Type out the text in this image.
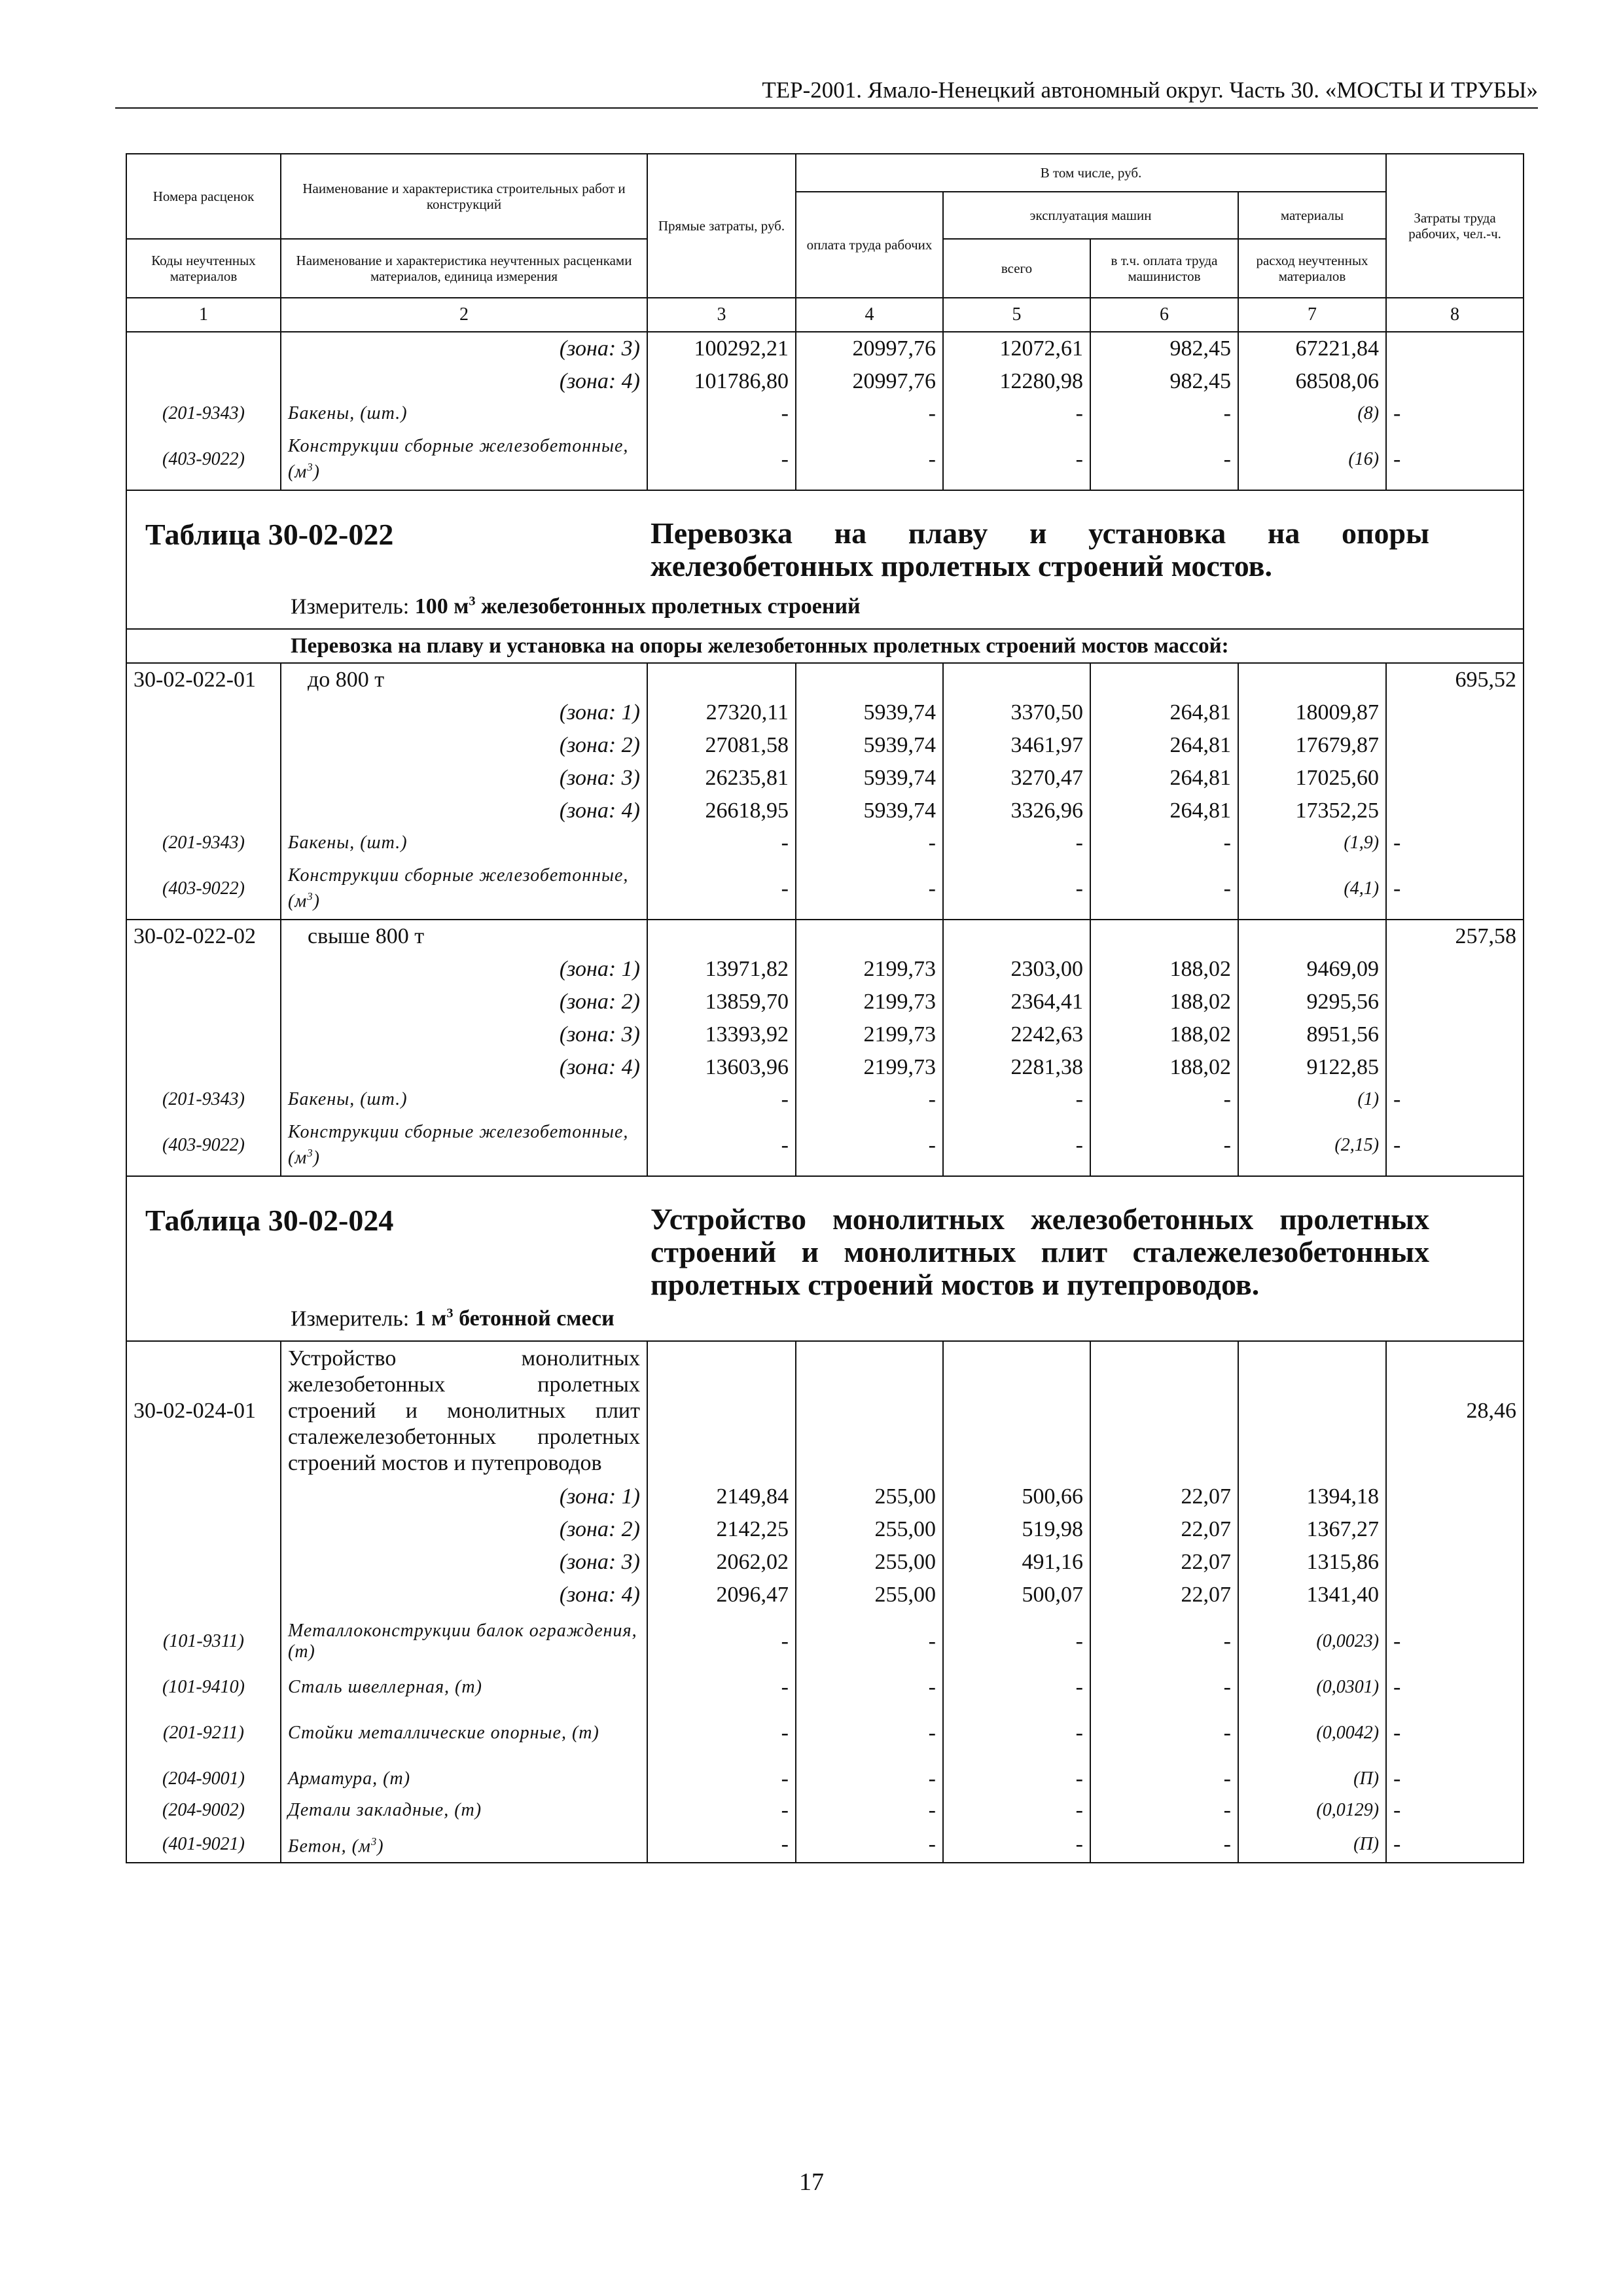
ТЕР-2001. Ямало-Ненецкий автономный округ. Часть 30. «МОСТЫ И ТРУБЫ»
Номера расценок	Наименование и характеристика строительных работ и конструкций	Прямые затраты, руб.	В том числе, руб.				Затраты труда рабочих, чел.-ч.
			оплата труда рабочих	эксплуатация машин		материалы	
Коды неучтенных материалов	Наименование и характеристика неучтенных расценками материалов, единица измерения			всего	в т.ч. оплата труда машинистов	расход неучтенных материалов	
1	2	3	4	5	6	7	8
	(зона: 3)	100292,21	20997,76	12072,61	982,45	67221,84	
	(зона: 4)	101786,80	20997,76	12280,98	982,45	68508,06	
(201-9343)	Бакены, (шт.)	-	-	-	-	(8)	-
(403-9022)	Конструкции сборные железобетонные, $(м^3)$	-	-	-	-	(16)	-

Таблица 30-02-022 Перевозка на плаву и установка на опоры железобетонных пролетных строений мостов.
Измеритель: 100 $м^3$ железобетонных пролетных строений							

Перевозка на плаву и установка на опоры железобетонных пролетных строений мостов массой:							
30-02-022-01	до 800 т						695,52
	(зона: 1)	27320,11	5939,74	3370,50	264,81	18009,87	
	(зона: 2)	27081,58	5939,74	3461,97	264,81	17679,87	
	(зона: 3)	26235,81	5939,74	3270,47	264,81	17025,60	
	(зона: 4)	26618,95	5939,74	3326,96	264,81	17352,25	
(201-9343)	Бакены, (шт.)	-	-	-	-	(1,9)	-
(403-9022)	Конструкции сборные железобетонные, $(м^3)$	-	-	-	-	(4,1)	-
30-02-022-02	свыше 800 т						257,58
	(зона: 1)	13971,82	2199,73	2303,00	188,02	9469,09	
	(зона: 2)	13859,70	2199,73	2364,41	188,02	9295,56	
	(зона: 3)	13393,92	2199,73	2242,63	188,02	8951,56	
	(зона: 4)	13603,96	2199,73	2281,38	188,02	9122,85	
(201-9343)	Бакены, (шт.)	-	-	-	-	(1)	-
(403-9022)	Конструкции сборные железобетонные, $(м^3)$	-	-	-	-	(2,15)	-

Таблица 30-02-024 Устройство монолитных железобетонных пролетных строений и монолитных плит сталежелезобетонных пролетных строений мостов и путепроводов.
Измеритель: 1 $м^3$ бетонной смеси							

30-02-024-01	Устройство монолитных железобетонных пролетных строений и монолитных плит сталежелезобетонных пролетных строений мостов и путепроводов						28,46
	(зона: 1)	2149,84	255,00	500,66	22,07	1394,18	
	(зона: 2)	2142,25	255,00	519,98	22,07	1367,27	
	(зона: 3)	2062,02	255,00	491,16	22,07	1315,86	
	(зона: 4)	2096,47	255,00	500,07	22,07	1341,40	
(101-9311)	Металлоконструкции балок ограждения, (т)	-	-	-	-	(0,0023)	-
(101-9410)	Сталь швеллерная, (т)	-	-	-	-	(0,0301)	-
(201-9211)	Стойки металлические опорные, (т)	-	-	-	-	(0,0042)	-
(204-9001)	Арматура, (т)	-	-	-	-	(П)	-
(204-9002)	Детали закладные, (т)	-	-	-	-	(0,0129)	-
(401-9021)	Бетон, $(м^3)$	-	-	-	-	(П)	-
17
